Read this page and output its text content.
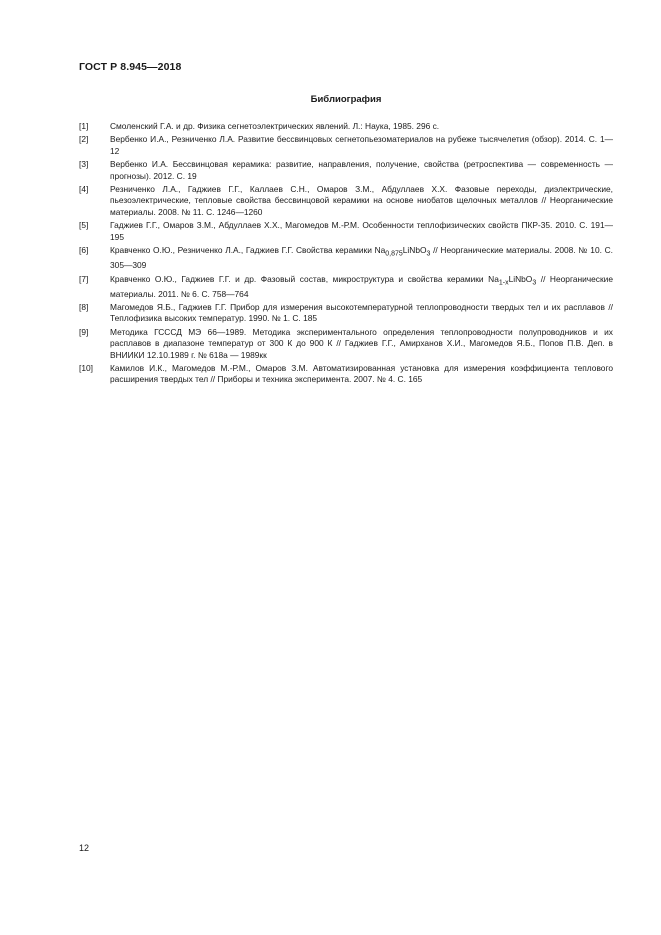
ГОСТ Р 8.945—2018
Библиография
[1]	Смоленский Г.А. и др. Физика сегнетоэлектрических явлений. Л.: Наука, 1985. 296 с.
[2]	Вербенко И.А., Резниченко Л.А. Развитие бессвинцовых сегнетопьезоматериалов на рубеже тысячелетия (обзор). 2014. С. 1—12
[3]	Вербенко И.А. Бессвинцовая керамика: развитие, направления, получение, свойства (ретроспектива — современность — прогнозы). 2012. С. 19
[4]	Резниченко Л.А., Гаджиев Г.Г., Каллаев С.Н., Омаров З.М., Абдуллаев Х.Х. Фазовые переходы, диэлектрические, пьезоэлектрические, тепловые свойства бессвинцовой керамики на основе ниобатов щелочных металлов // Неорганические материалы. 2008. № 11. С. 1246—1260
[5]	Гаджиев Г.Г., Омаров З.М., Абдуллаев Х.Х., Магомедов М.-Р.М. Особенности теплофизических свойств ПКР-35. 2010. С. 191—195
[6]	Кравченко О.Ю., Резниченко Л.А., Гаджиев Г.Г. Свойства керамики $Na_{0,875}LiNbO_3$ // Неорганические материалы. 2008. № 10. С. 305—309
[7]	Кравченко О.Ю., Гаджиев Г.Г. и др. Фазовый состав, микроструктура и свойства керамики $Na_{1-x}LiNbO_3$ // Неорганические материалы. 2011. № 6. С. 758—764
[8]	Магомедов Я.Б., Гаджиев Г.Г. Прибор для измерения высокотемпературной теплопроводности твердых тел и их расплавов // Теплофизика высоких температур. 1990. № 1. С. 185
[9]	Методика ГСССД МЭ 66—1989. Методика экспериментального определения теплопроводности полупроводников и их расплавов в диапазоне температур от 300 К до 900 К // Гаджиев Г.Г., Амирханов Х.И., Магомедов Я.Б., Попов П.В. Деп. в ВНИИКИ 12.10.1989 г. № 618а — 1989кк
[10]	Камилов И.К., Магомедов М.-Р.М., Омаров З.М. Автоматизированная установка для измерения коэффициента теплового расширения твердых тел // Приборы и техника эксперимента. 2007. № 4. С. 165
12
